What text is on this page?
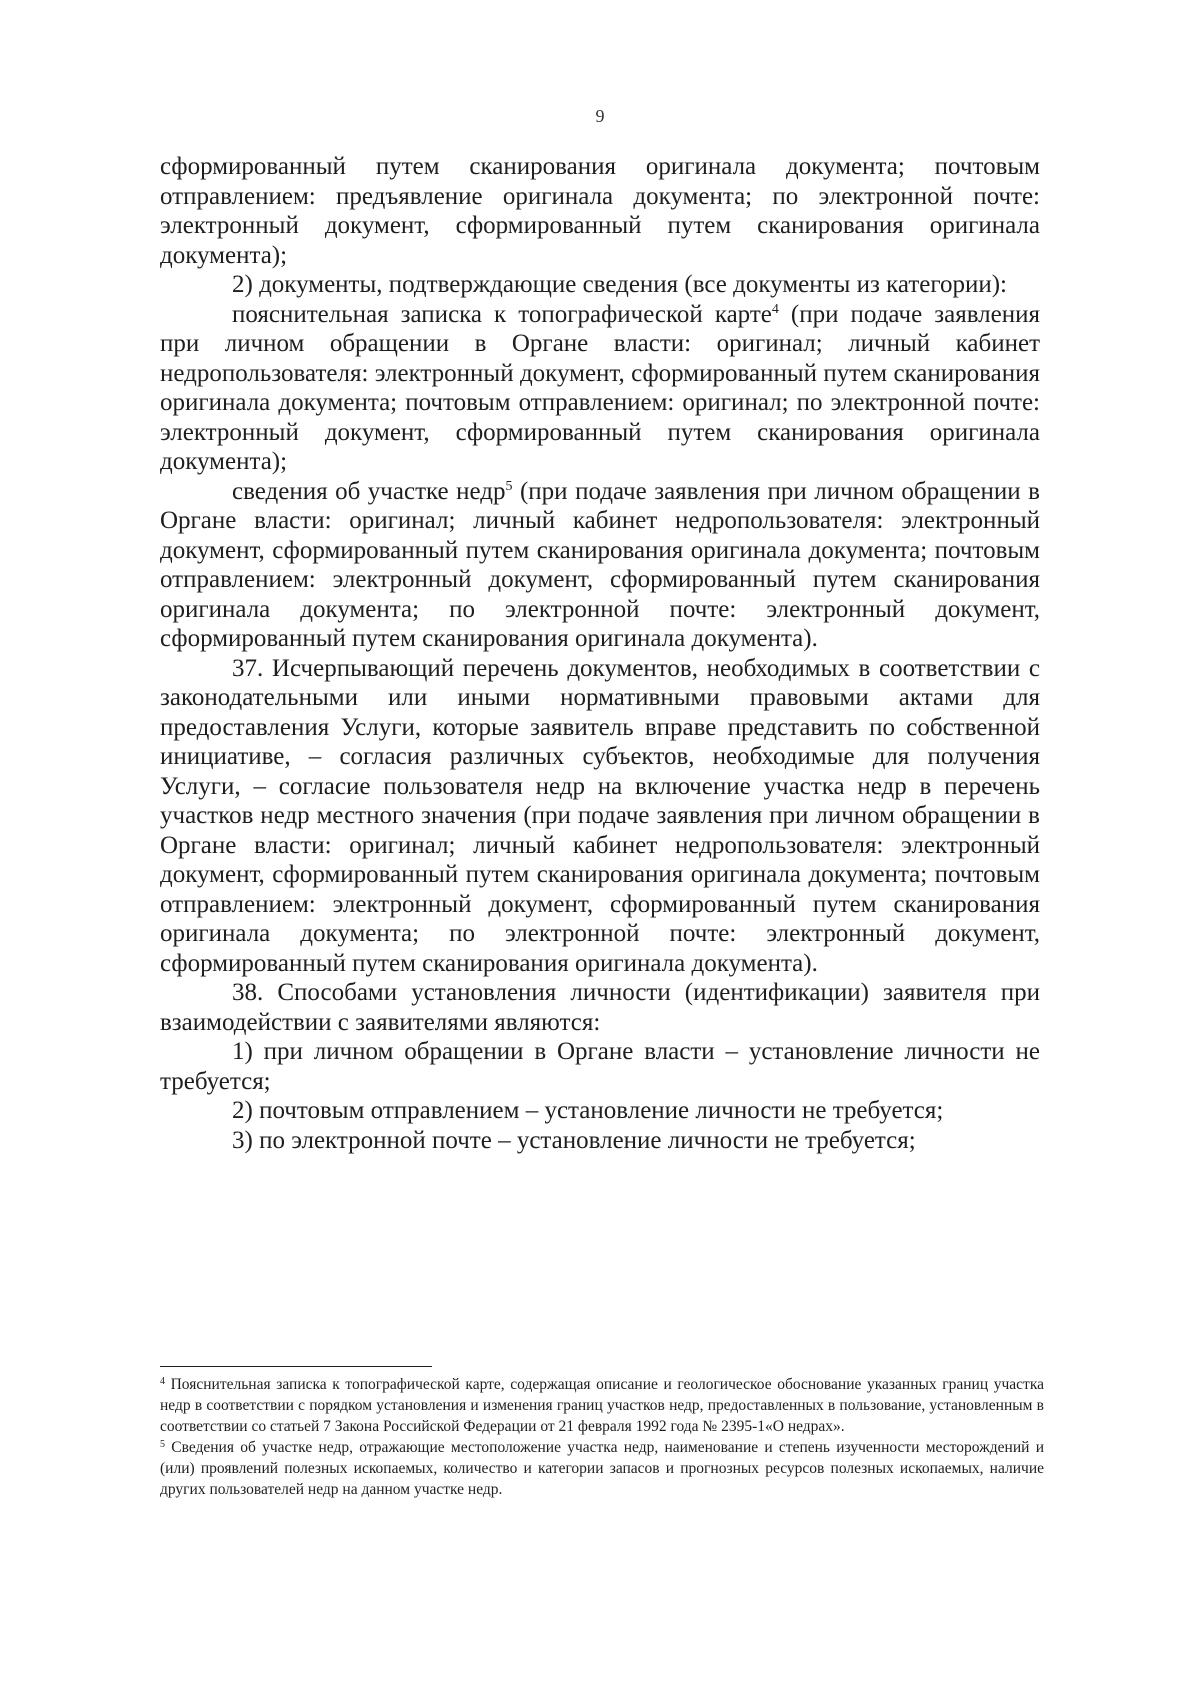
9

сформированный путем сканирования оригинала документа; почтовым отправлением: предъявление оригинала документа; по электронной почте: электронный документ, сформированный путем сканирования оригинала документа);

2) документы, подтверждающие сведения (все документы из категории):

пояснительная записка к топографической карте$^4$ (при подаче заявления при личном обращении в Органе власти: оригинал; личный кабинет недропользователя: электронный документ, сформированный путем сканирования оригинала документа; почтовым отправлением: оригинал; по электронной почте: электронный документ, сформированный путем сканирования оригинала документа);

сведения об участке недр$^5$ (при подаче заявления при личном обращении в Органе власти: оригинал; личный кабинет недропользователя: электронный документ, сформированный путем сканирования оригинала документа; почтовым отправлением: электронный документ, сформированный путем сканирования оригинала документа; по электронной почте: электронный документ, сформированный путем сканирования оригинала документа).

37. Исчерпывающий перечень документов, необходимых в соответствии с законодательными или иными нормативными правовыми актами для предоставления Услуги, которые заявитель вправе представить по собственной инициативе, – согласия различных субъектов, необходимые для получения Услуги, – согласие пользователя недр на включение участка недр в перечень участков недр местного значения (при подаче заявления при личном обращении в Органе власти: оригинал; личный кабинет недропользователя: электронный документ, сформированный путем сканирования оригинала документа; почтовым отправлением: электронный документ, сформированный путем сканирования оригинала документа; по электронной почте: электронный документ, сформированный путем сканирования оригинала документа).

38. Способами установления личности (идентификации) заявителя при взаимодействии с заявителями являются:

1) при личном обращении в Органе власти – установление личности не требуется;

2) почтовым отправлением – установление личности не требуется;

3) по электронной почте – установление личности не требуется;

$^4$ Пояснительная записка к топографической карте, содержащая описание и геологическое обоснование указанных границ участка недр в соответствии с порядком установления и изменения границ участков недр, предоставленных в пользование, установленным в соответствии со статьей 7 Закона Российской Федерации от 21 февраля 1992 года № 2395-1«О недрах».

$^5$ Сведения об участке недр, отражающие местоположение участка недр, наименование и степень изученности месторождений и (или) проявлений полезных ископаемых, количество и категории запасов и прогнозных ресурсов полезных ископаемых, наличие других пользователей недр на данном участке недр.
